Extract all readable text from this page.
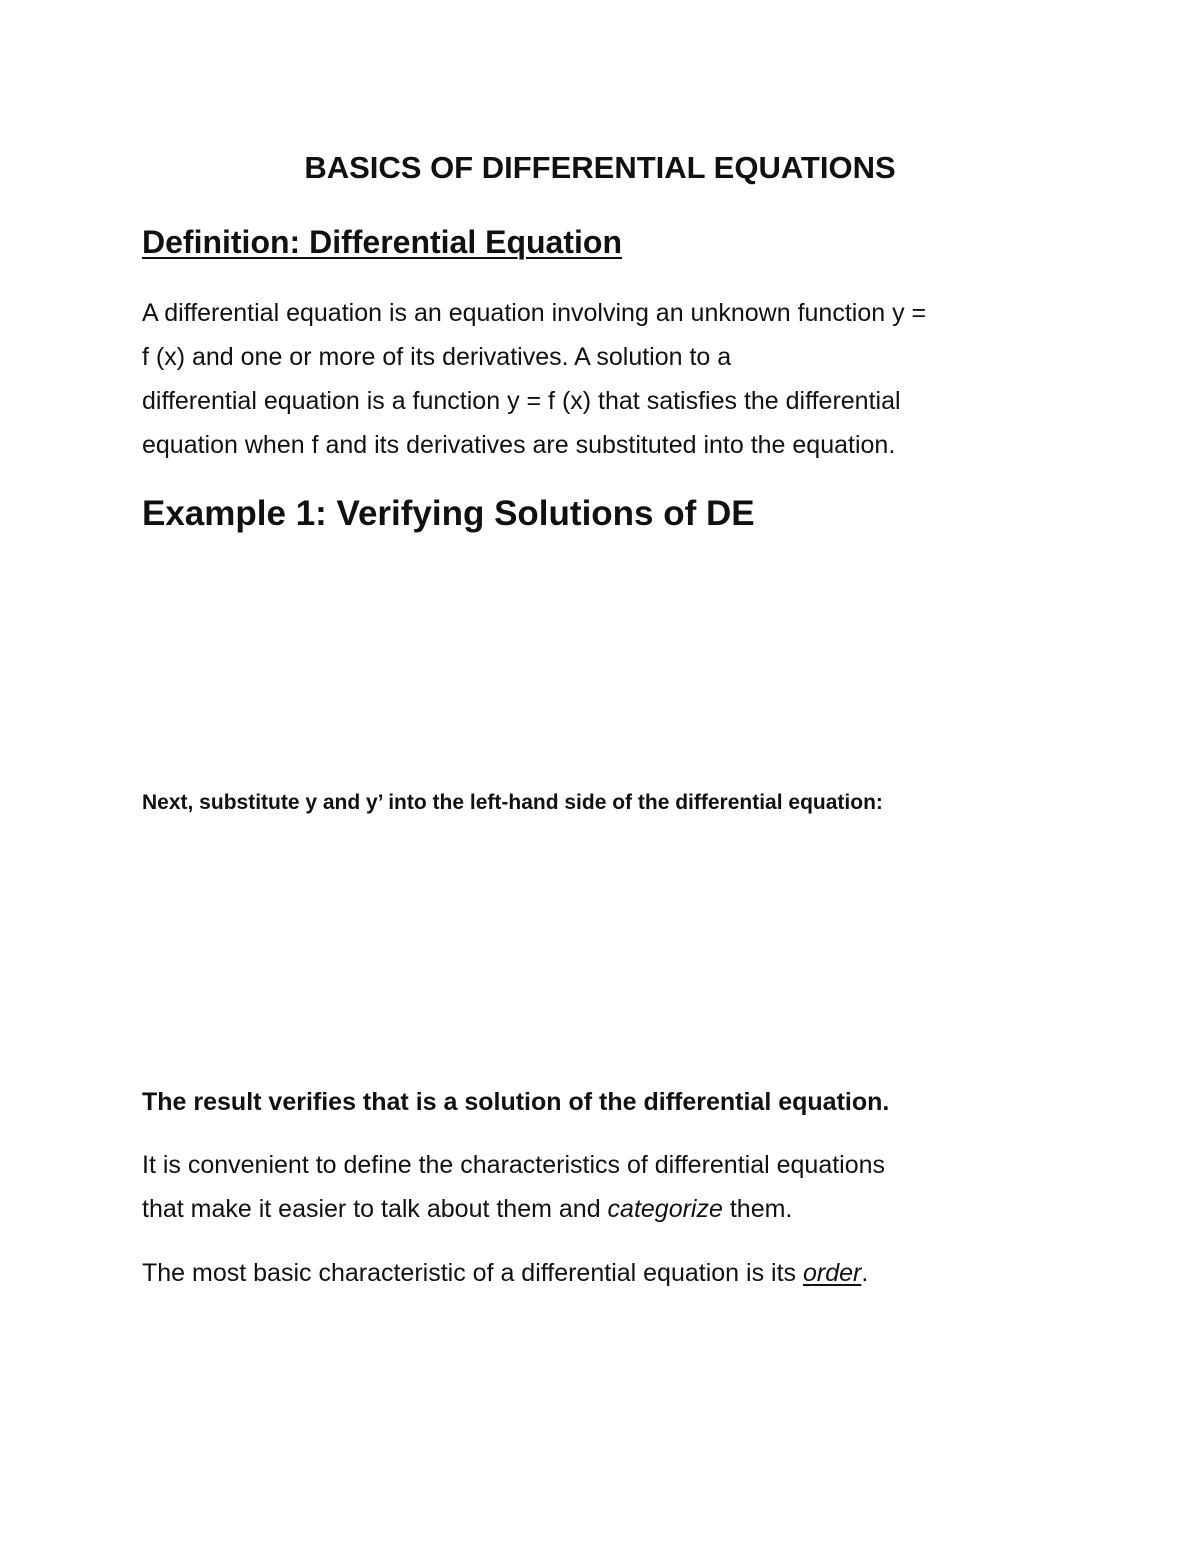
BASICS OF DIFFERENTIAL EQUATIONS
Definition: Differential Equation

A differential equation is an equation involving an unknown function y =
f (x) and one or more of its derivatives. A solution to a
differential equation is a function y = f (x) that satisfies the differential
equation when f and its derivatives are substituted into the equation.

Example 1: Verifying Solutions of DE

Next, substitute y and y’ into the left-hand side of the differential equation:

The result verifies that is a solution of the differential equation.

It is convenient to define the characteristics of differential equations
that make it easier to talk about them and categorize them.

The most basic characteristic of a differential equation is its order.
